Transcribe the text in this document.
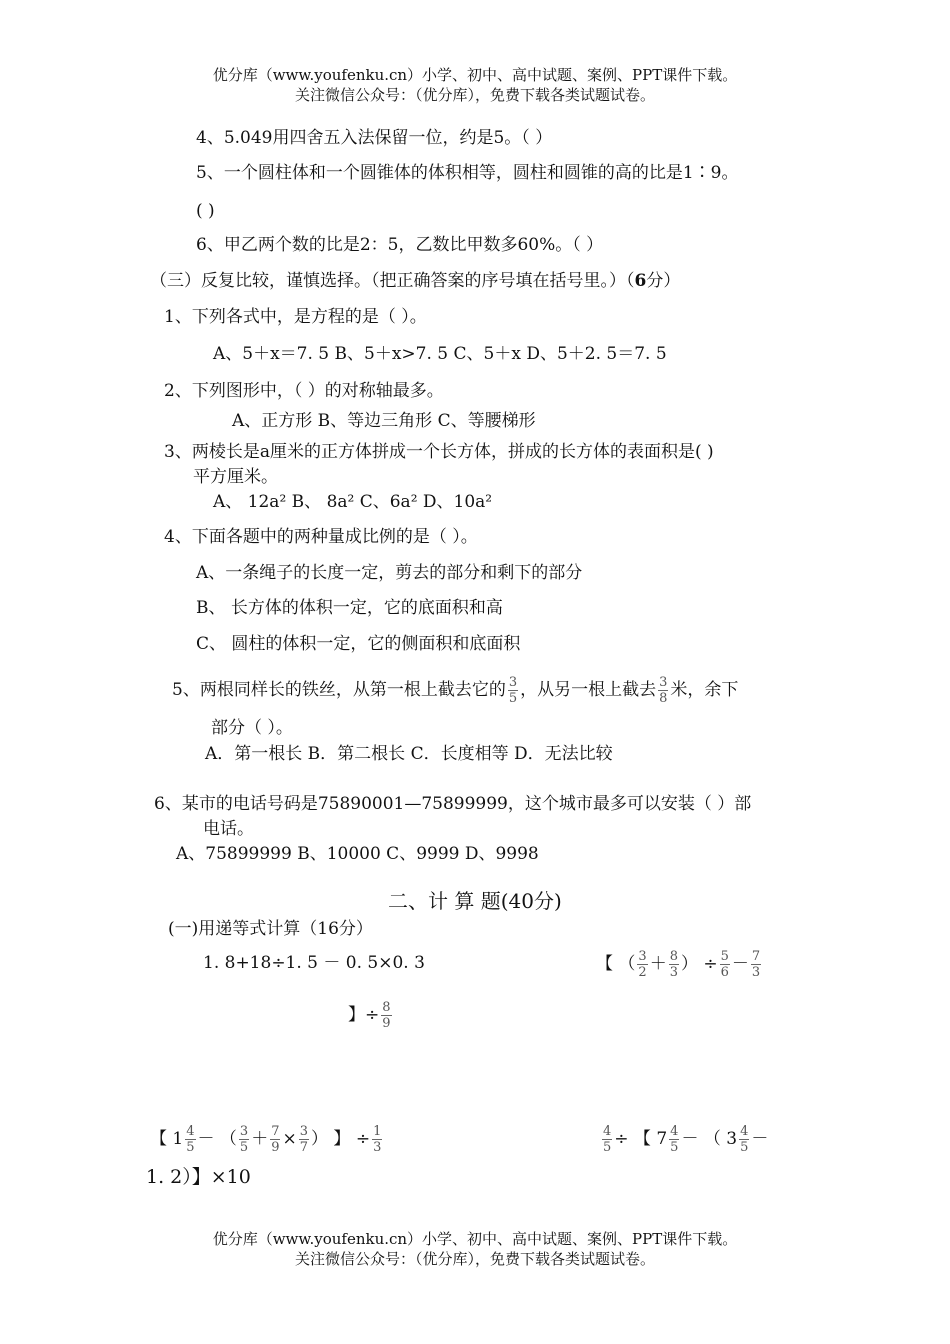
优分库（www.youfenku.cn）小学、初中、高中试题、案例、PPT课件下载。
关注微信公众号：（优分库），免费下载各类试题试卷。
4、5.049用四舍五入法保留一位，约是5。（ ）
5、一个圆柱体和一个圆锥体的体积相等，圆柱和圆锥的高的比是1∶9。
( )
6、甲乙两个数的比是2：5，乙数比甲数多60%。（ ）
（三）反复比较，谨慎选择。（把正确答案的序号填在括号里。）（6分）
1、下列各式中，是方程的是（ ）。
A、5＋x＝7. 5 B、5＋x>7. 5 C、5＋x D、5＋2. 5＝7. 5
2、下列图形中，（ ）的对称轴最多。
A、正方形 B、等边三角形 C、等腰梯形
3、两棱长是a厘米的正方体拼成一个长方体，拼成的长方体的表面积是( )
平方厘米。
A、 12a² B、 8a² C、6a² D、10a²
4、下面各题中的两种量成比例的是（ ）。
A、一条绳子的长度一定，剪去的部分和剩下的部分
B、 长方体的体积一定，它的底面积和高
C、 圆柱的体积一定，它的侧面积和底面积
5、两根同样长的铁丝，从第一根上截去它的 $\frac{3}{5}$ ，从另一根上截去 $\frac{3}{8}$ 米，余下
部分（ ）。
A．第一根长 B．第二根长 C．长度相等 D．无法比较
6、某市的电话号码是75890001—75899999，这个城市最多可以安装（ ）部
电话。
A、75899999 B、10000 C、9999 D、9998
二、计 算 题(40分)
(一)用递等式计算（16分）
1. 8+18÷1. 5 － 0. 5×0. 3	【 （ $\frac{3}{2} + \frac{8}{3}$ ） ÷ $\frac{5}{6} - \frac{7}{3}$
】÷ $\frac{8}{9}$
【 $1 \frac{4}{5}$ － （ $\frac{3}{5} + \frac{7}{9} \times \frac{3}{7}$ ） 】 ÷ $\frac{1}{3}$	$\frac{4}{5}$ ÷ 【 $7 \frac{4}{5}$ － （ $3 \frac{4}{5}$ －
1. 2）】×10
优分库（www.youfenku.cn）小学、初中、高中试题、案例、PPT课件下载。
关注微信公众号：（优分库），免费下载各类试题试卷。
